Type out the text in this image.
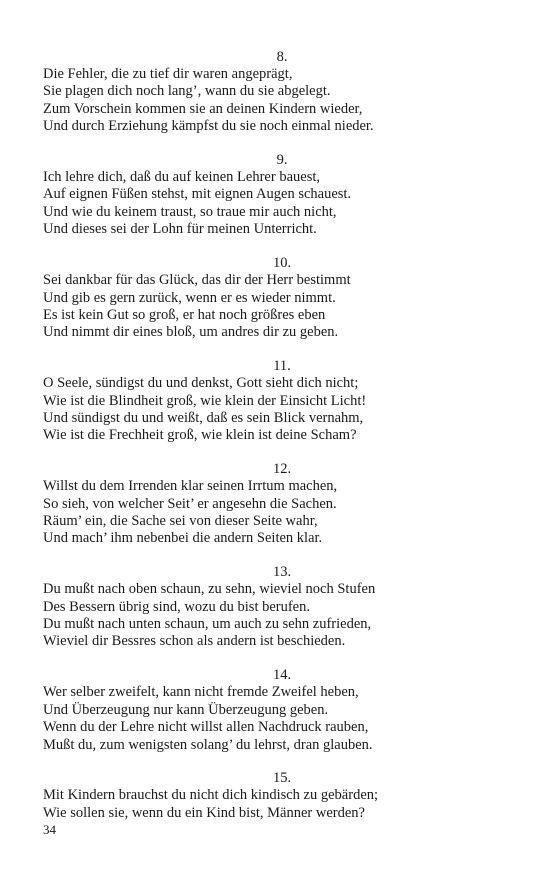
8.
Die Fehler, die zu tief dir waren angeprägt,
Sie plagen dich noch lang’, wann du sie abgelegt.
Zum Vorschein kommen sie an deinen Kindern wieder,
Und durch Erziehung kämpfst du sie noch einmal nieder.
9.
Ich lehre dich, daß du auf keinen Lehrer bauest,
Auf eignen Füßen stehst, mit eignen Augen schauest.
Und wie du keinem traust, so traue mir auch nicht,
Und dieses sei der Lohn für meinen Unterricht.
10.
Sei dankbar für das Glück, das dir der Herr bestimmt
Und gib es gern zurück, wenn er es wieder nimmt.
Es ist kein Gut so groß, er hat noch größres eben
Und nimmt dir eines bloß, um andres dir zu geben.
11.
O Seele, sündigst du und denkst, Gott sieht dich nicht;
Wie ist die Blindheit groß, wie klein der Einsicht Licht!
Und sündigst du und weißt, daß es sein Blick vernahm,
Wie ist die Frechheit groß, wie klein ist deine Scham?
12.
Willst du dem Irrenden klar seinen Irrtum machen,
So sieh, von welcher Seit’ er angesehn die Sachen.
Räum’ ein, die Sache sei von dieser Seite wahr,
Und mach’ ihm nebenbei die andern Seiten klar.
13.
Du mußt nach oben schaun, zu sehn, wieviel noch Stufen
Des Bessern übrig sind, wozu du bist berufen.
Du mußt nach unten schaun, um auch zu sehn zufrieden,
Wieviel dir Bessres schon als andern ist beschieden.
14.
Wer selber zweifelt, kann nicht fremde Zweifel heben,
Und Überzeugung nur kann Überzeugung geben.
Wenn du der Lehre nicht willst allen Nachdruck rauben,
Mußt du, zum wenigsten solang’ du lehrst, dran glauben.
15.
Mit Kindern brauchst du nicht dich kindisch zu gebärden;
Wie sollen sie, wenn du ein Kind bist, Männer werden?
34
